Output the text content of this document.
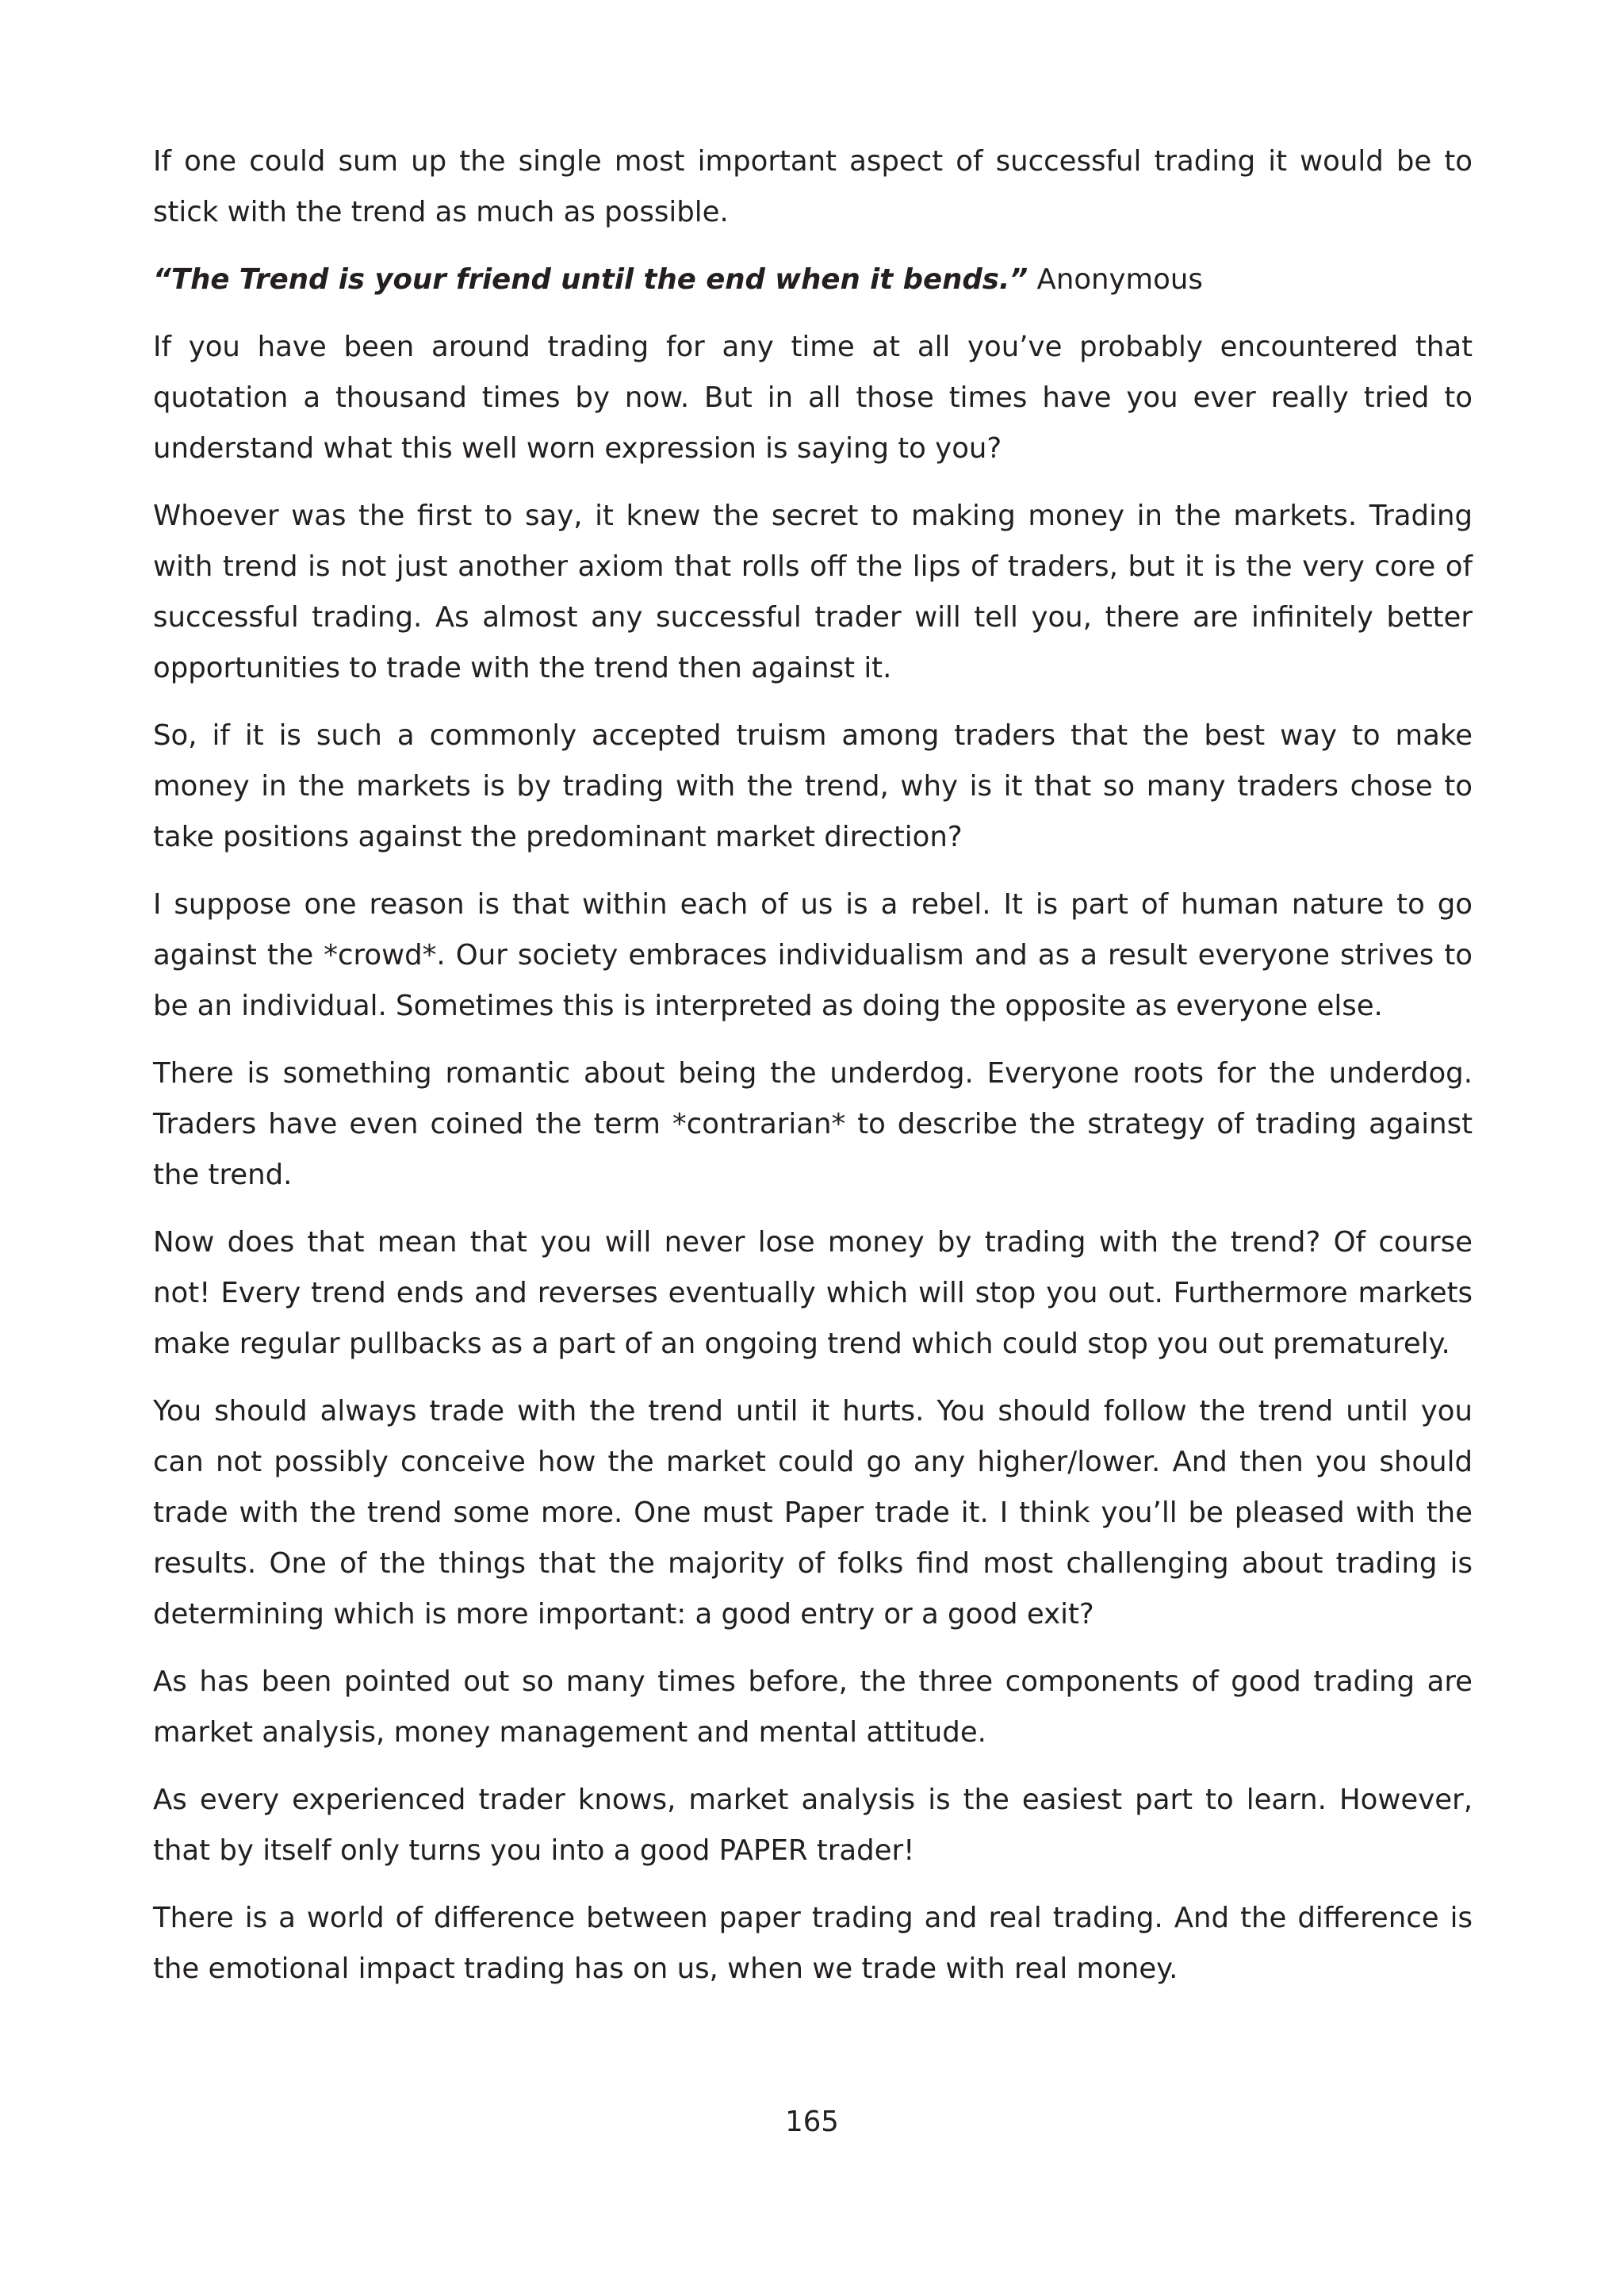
If one could sum up the single most important aspect of successful trading it would be to stick with the trend as much as possible.

“The Trend is your friend until the end when it bends.” Anonymous

If you have been around trading for any time at all you’ve probably encountered that quotation a thousand times by now. But in all those times have you ever really tried to understand what this well worn expression is saying to you?

Whoever was the first to say, it knew the secret to making money in the markets. Trading with trend is not just another axiom that rolls off the lips of traders, but it is the very core of successful trading. As almost any successful trader will tell you, there are infinitely better opportunities to trade with the trend then against it.

So, if it is such a commonly accepted truism among traders that the best way to make money in the markets is by trading with the trend, why is it that so many traders chose to take positions against the predominant market direction?

I suppose one reason is that within each of us is a rebel. It is part of human nature to go against the *crowd*. Our society embraces individualism and as a result everyone strives to be an individual. Sometimes this is interpreted as doing the opposite as everyone else.

There is something romantic about being the underdog. Everyone roots for the underdog. Traders have even coined the term *contrarian* to describe the strategy of trading against the trend.

Now does that mean that you will never lose money by trading with the trend? Of course not! Every trend ends and reverses eventually which will stop you out. Furthermore markets make regular pullbacks as a part of an ongoing trend which could stop you out prematurely.

You should always trade with the trend until it hurts. You should follow the trend until you can not possibly conceive how the market could go any higher/lower. And then you should trade with the trend some more. One must Paper trade it. I think you’ll be pleased with the results. One of the things that the majority of folks find most challenging about trading is determining which is more important: a good entry or a good exit?

As has been pointed out so many times before, the three components of good trading are market analysis, money management and mental attitude.

As every experienced trader knows, market analysis is the easiest part to learn. However, that by itself only turns you into a good PAPER trader!

There is a world of difference between paper trading and real trading. And the difference is the emotional impact trading has on us, when we trade with real money.

165
